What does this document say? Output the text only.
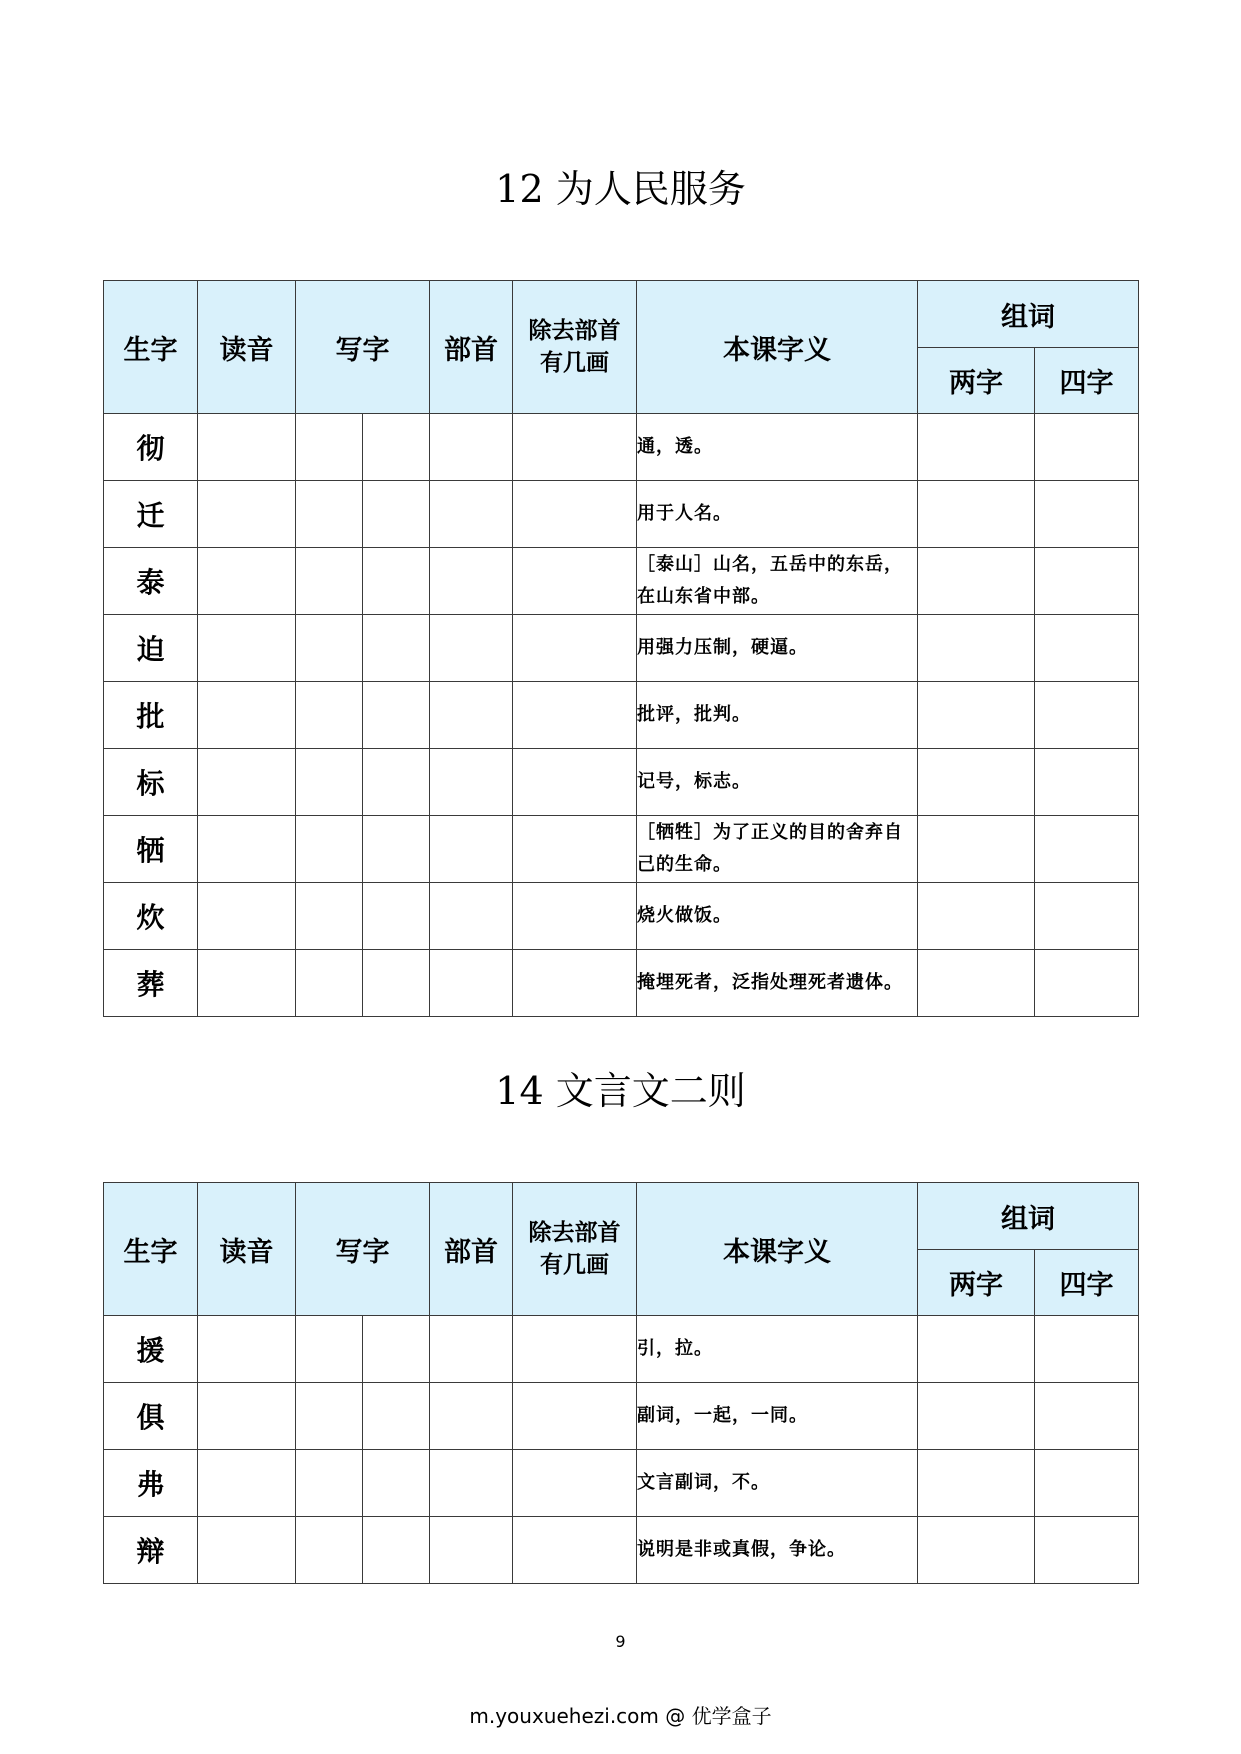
12 为人民服务
生字	读音	写字		部首	除去部首
有几画	本课字义	组词	
							两字	四字
彻						通，透。		
迁						用于人名。		
泰						［泰山］山名，五岳中的东岳，在山东省中部。		
迫						用强力压制，硬逼。		
批						批评，批判。		
标						记号，标志。		
牺						［牺牲］为了正义的目的舍弃自己的生命。		
炊						烧火做饭。		
葬						掩埋死者，泛指处理死者遗体。		
14 文言文二则
生字	读音	写字		部首	除去部首
有几画	本课字义	组词	
							两字	四字
援						引，拉。		
俱						副词，一起，一同。		
弗						文言副词，不。		
辩						说明是非或真假，争论。		
9
m.youxuehezi.com @ 优学盒子
